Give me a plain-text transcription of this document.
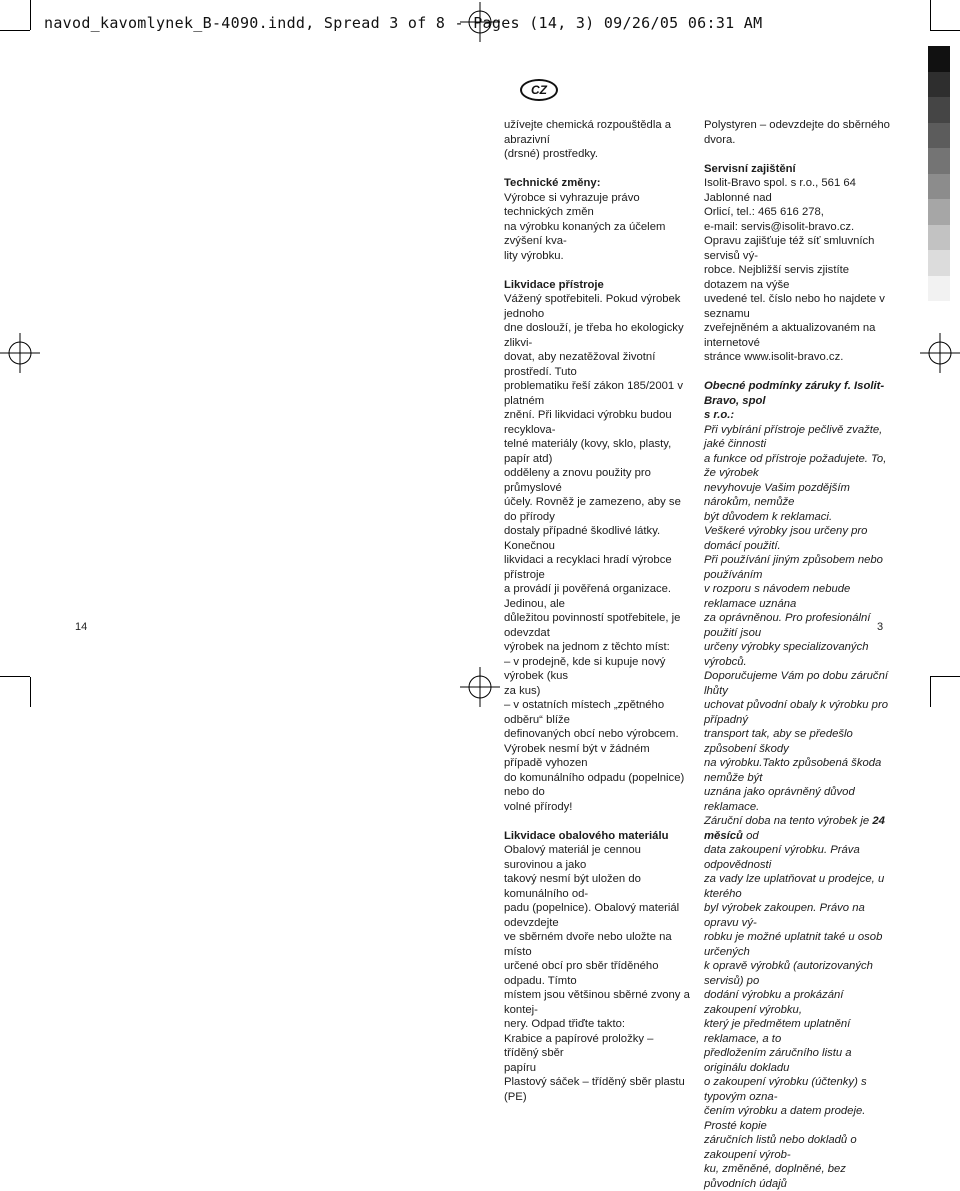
navod_kavomlynek_B-4090.indd, Spread 3 of 8 - Pages (14, 3) 09/26/05 06:31 AM
CZ

užívejte chemická rozpouštědla a abrazivní

(drsné) prostředky.

Technické změny:

Výrobce si vyhrazuje právo technických změn

na výrobku konaných za účelem zvýšení kva-

lity výrobku.

Likvidace přístroje

Vážený spotřebiteli. Pokud výrobek jednoho

dne doslouží, je třeba ho ekologicky zlikvi-

dovat, aby nezatěžoval životní prostředí. Tuto

problematiku řeší zákon 185/2001 v platném

znění. Při likvidaci výrobku budou recyklova-

telné materiály (kovy, sklo, plasty, papír atd)

odděleny a znovu použity pro průmyslové

účely. Rovněž je zamezeno, aby se do přírody

dostaly případné škodlivé látky. Konečnou

likvidaci a recyklaci hradí výrobce přístroje

a provádí ji pověřená organizace. Jedinou, ale

důležitou povinností spotřebitele, je odevzdat

výrobek na jednom z těchto míst:

– v prodejně, kde si kupuje nový výrobek (kus

za kus)

– v ostatních místech „zpětného odběru“ blíže

definovaných obcí nebo výrobcem.

Výrobek nesmí být v žádném případě vyhozen

do komunálního odpadu (popelnice) nebo do

volné přírody!

Likvidace obalového materiálu

Obalový materiál je cennou surovinou a jako

takový nesmí být uložen do komunálního od-

padu (popelnice). Obalový materiál odevzdejte

ve sběrném dvoře nebo uložte na místo

určené obcí pro sběr tříděného odpadu. Tímto

místem jsou většinou sběrné zvony a kontej-

nery. Odpad třiďte takto:

Krabice a papírové proložky – tříděný sběr

papíru

Plastový sáček – tříděný sběr plastu (PE)

Polystyren – odevzdejte do sběrného dvora.

Servisní zajištění

Isolit-Bravo spol. s r.o., 561 64 Jablonné nad

Orlicí, tel.: 465 616 278,

e-mail: servis@isolit-bravo.cz.

Opravu zajišťuje též síť smluvních servisů vý-

robce. Nejbližší servis zjistíte dotazem na výše

uvedené tel. číslo nebo ho najdete v seznamu

zveřejněném a aktualizovaném na internetové

stránce www.isolit-bravo.cz.

Obecné podmínky záruky f. Isolit-Bravo, spol

s r.o.:

Při vybírání přístroje pečlivě zvažte, jaké činnosti

a funkce od přístroje požadujete. To, že výrobek

nevyhovuje Vašim pozdějším nárokům, nemůže

být důvodem k reklamaci.

Veškeré výrobky jsou určeny pro domácí použití.

Při používání jiným způsobem nebo používáním

v rozporu s návodem nebude reklamace uznána

za oprávněnou. Pro profesionální použití jsou

určeny výrobky specializovaných výrobců.

Doporučujeme Vám po dobu záruční lhůty

uchovat původní obaly k výrobku pro případný

transport tak, aby se předešlo způsobení škody

na výrobku.Takto způsobená škoda nemůže být

uznána jako oprávněný důvod reklamace.

Záruční doba na tento výrobek je 24 měsíců od

data zakoupení výrobku. Práva odpovědnosti

za vady lze uplatňovat u prodejce, u kterého

byl výrobek zakoupen. Právo na opravu vý-

robku je možné uplatnit také u osob určených

k opravě výrobků (autorizovaných servisů) po

dodání výrobku a prokázání zakoupení výrobku,

který je předmětem uplatnění reklamace, a to

předložením záručního listu a originálu dokladu

o zakoupení výrobku (účtenky) s typovým ozna-

čením výrobku a datem prodeje. Prosté kopie

záručních listů nebo dokladů o zakoupení výrob-

ku, změněné, doplněné, bez původních údajů

14	3
